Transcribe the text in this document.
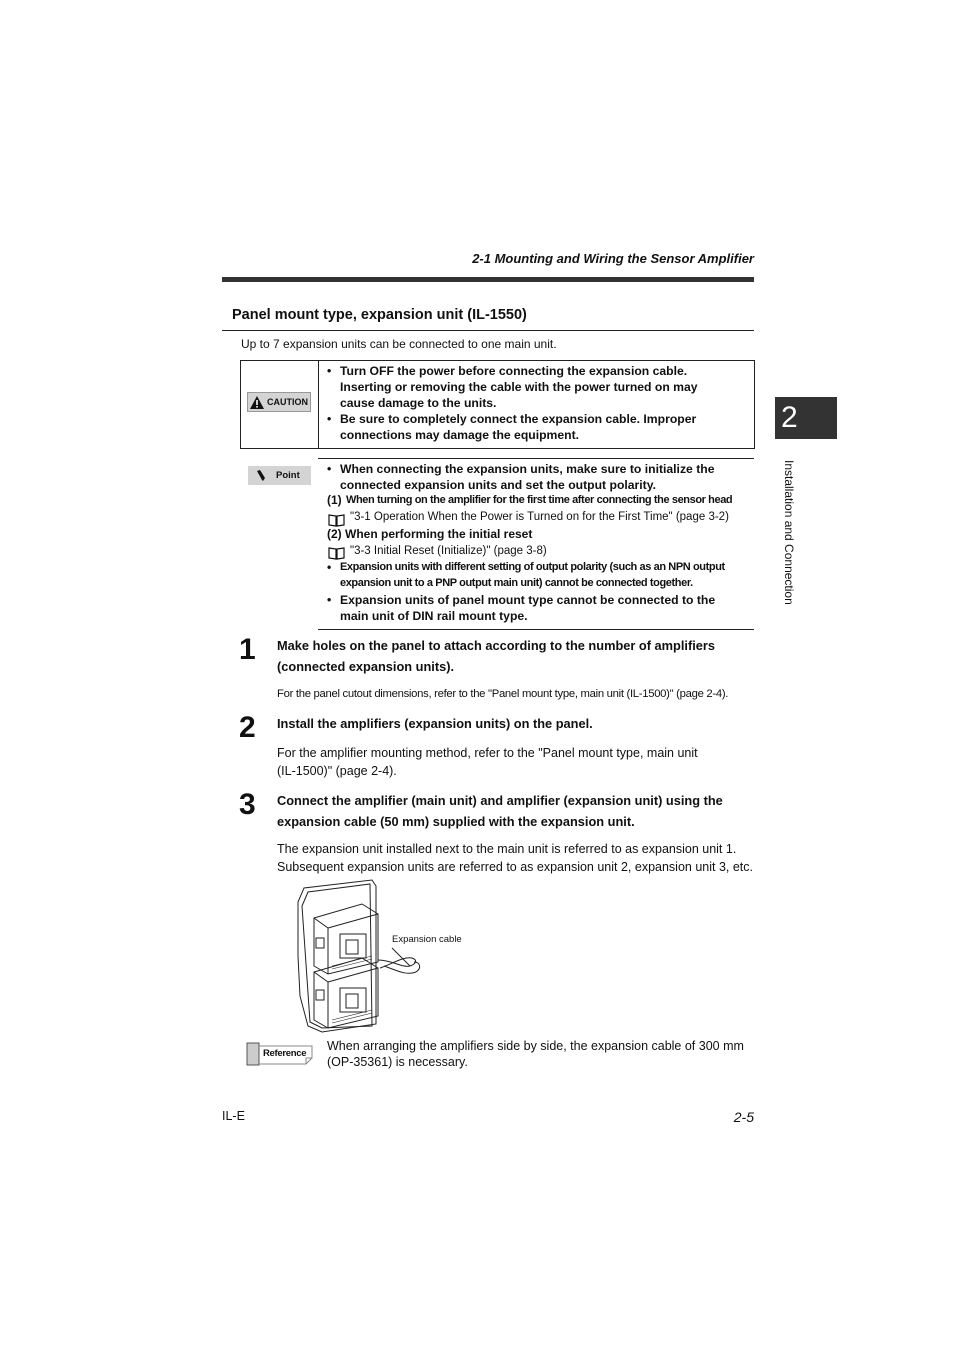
2-1 Mounting and Wiring the Sensor Amplifier
Panel mount type, expansion unit (IL-1550)
Up to 7 expansion units can be connected to one main unit.
CAUTION
• Turn OFF the power before connecting the expansion cable.
Inserting or removing the cable with the power turned on may
cause damage to the units.
• Be sure to completely connect the expansion cable. Improper
connections may damage the equipment.
Point • When connecting the expansion units, make sure to initialize the
connected expansion units and set the output polarity.
(1) When turning on the amplifier for the first time after connecting the sensor head
"3-1 Operation When the Power is Turned on for the First Time" (page 3-2)
(2) When performing the initial reset
"3-3 Initial Reset (Initialize)" (page 3-8)
• Expansion units with different setting of output polarity (such as an NPN output
expansion unit to a PNP output main unit) cannot be connected together.
• Expansion units of panel mount type cannot be connected to the
main unit of DIN rail mount type.
1 Make holes on the panel to attach according to the number of amplifiers
(connected expansion units).
For the panel cutout dimensions, refer to the "Panel mount type, main unit (IL-1500)" (page 2-4).
2 Install the amplifiers (expansion units) on the panel.
For the amplifier mounting method, refer to the "Panel mount type, main unit
(IL-1500)" (page 2-4).
3 Connect the amplifier (main unit) and amplifier (expansion unit) using the
expansion cable (50 mm) supplied with the expansion unit.
The expansion unit installed next to the main unit is referred to as expansion unit 1.
Subsequent expansion units are referred to as expansion unit 2, expansion unit 3, etc.
Expansion cable
Reference
When arranging the amplifiers side by side, the expansion cable of 300 mm
(OP-35361) is necessary.
2
Installation and Connection
IL-E	2-5
